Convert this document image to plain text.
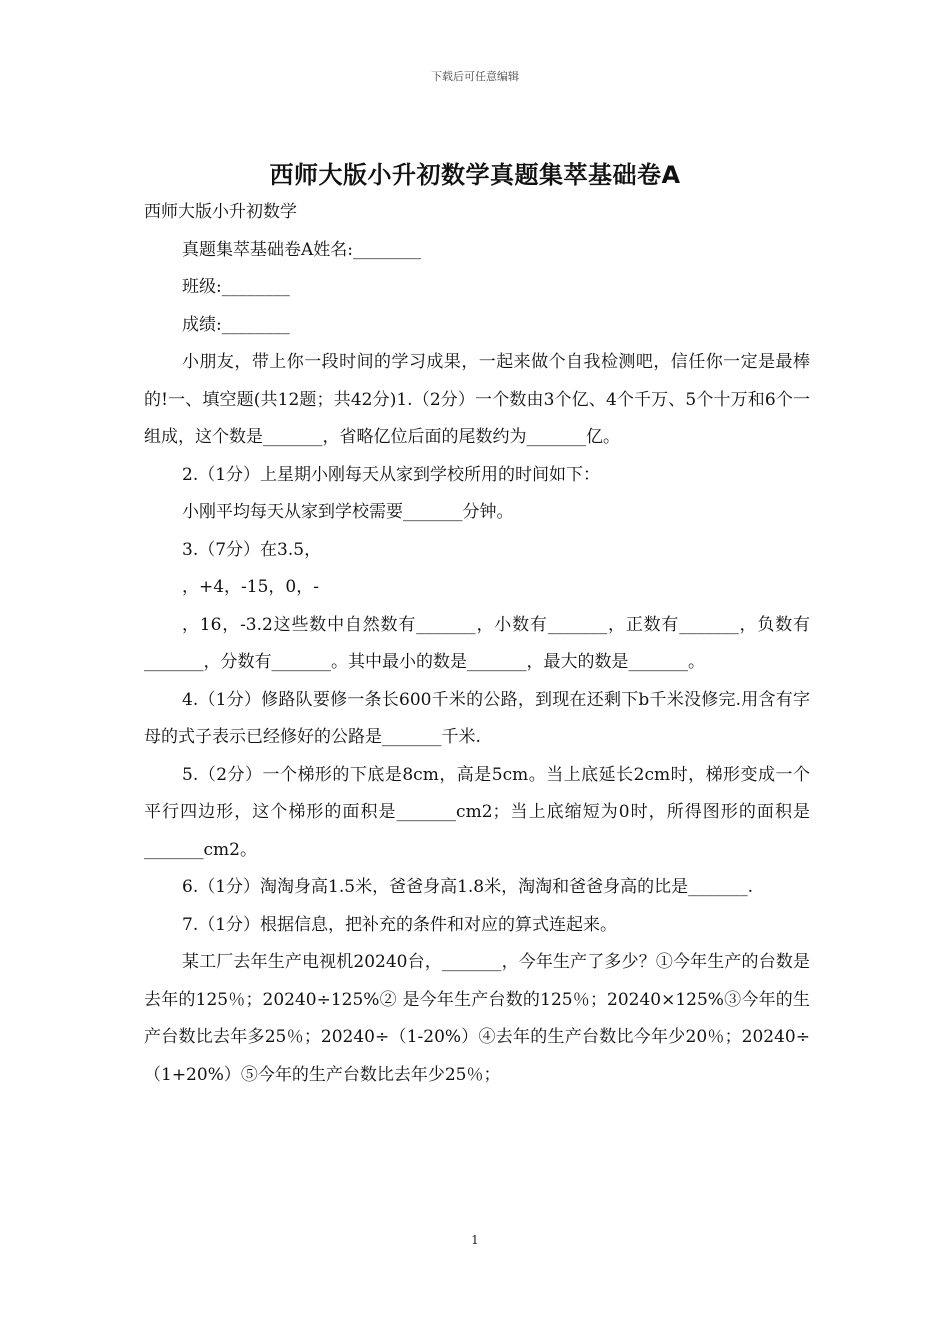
下载后可任意编辑
西师大版小升初数学真题集萃基础卷A

西师大版小升初数学

真题集萃基础卷A姓名:________

班级:________

成绩:________

小朋友，带上你一段时间的学习成果，一起来做个自我检测吧，信任你一定是最棒的!一、填空题(共12题；共42分)1.（2分）一个数由3个亿、4个千万、5个十万和6个一组成，这个数是_______，省略亿位后面的尾数约为_______亿。

2.（1分）上星期小刚每天从家到学校所用的时间如下：

小刚平均每天从家到学校需要_______分钟。

3.（7分）在3.5，

，+4，-15，0，-

，16，-3.2这些数中自然数有_______，小数有_______，正数有_______，负数有_______，分数有_______。其中最小的数是_______，最大的数是_______。

4.（1分）修路队要修一条长600千米的公路，到现在还剩下b千米没修完.用含有字母的式子表示已经修好的公路是_______千米.

5.（2分）一个梯形的下底是8cm，高是5cm。当上底延长2cm时，梯形变成一个平行四边形，这个梯形的面积是_______cm2；当上底缩短为0时，所得图形的面积是_______cm2。

6.（1分）淘淘身高1.5米，爸爸身高1.8米，淘淘和爸爸身高的比是_______.

7.（1分）根据信息，把补充的条件和对应的算式连起来。

某工厂去年生产电视机20240台，_______，今年生产了多少？①今年生产的台数是去年的125％；20240÷125%② 是今年生产台数的125％；20240×125%③今年的生产台数比去年多25％；20240÷（1-20%）④去年的生产台数比今年少20％；20240÷（1+20%）⑤今年的生产台数比去年少25％；

1
